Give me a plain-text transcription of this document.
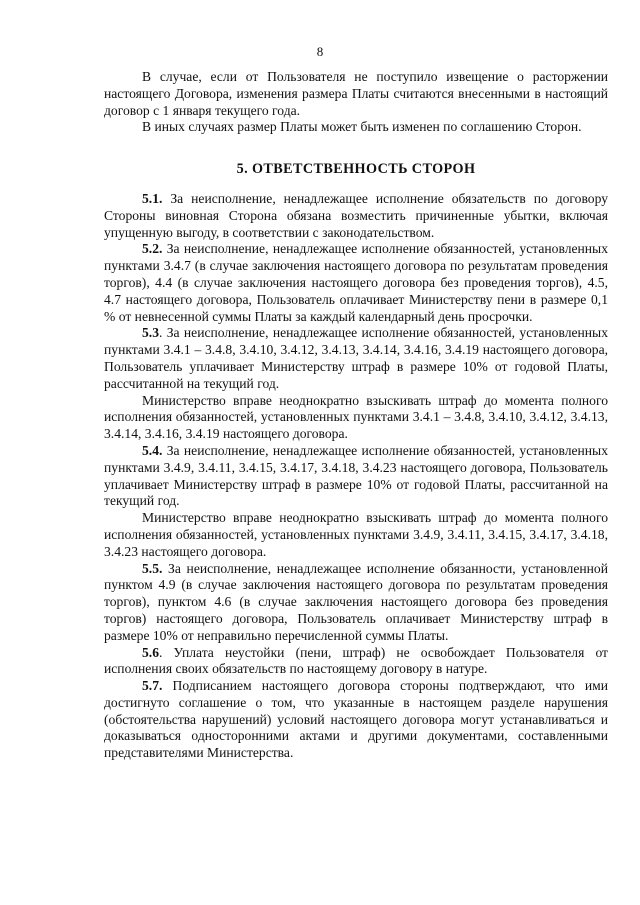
8

В случае, если от Пользователя не поступило извещение о расторжении настоящего Договора, изменения размера Платы считаются внесенными в настоящий договор с 1 января текущего года.

В иных случаях размер Платы может быть изменен по соглашению Сторон.

5. ОТВЕТСТВЕННОСТЬ СТОРОН

5.1. За неисполнение, ненадлежащее исполнение обязательств по договору Стороны виновная Сторона обязана возместить причиненные убытки, включая упущенную выгоду, в соответствии с законодательством.

5.2. За неисполнение, ненадлежащее исполнение обязанностей, установленных пунктами 3.4.7 (в случае заключения настоящего договора по результатам проведения торгов), 4.4 (в случае заключения настоящего договора без проведения торгов), 4.5, 4.7 настоящего договора, Пользователь оплачивает Министерству пени в размере 0,1 % от невнесенной суммы Платы за каждый календарный день просрочки.

5.3. За неисполнение, ненадлежащее исполнение обязанностей, установленных пунктами 3.4.1 – 3.4.8, 3.4.10, 3.4.12, 3.4.13, 3.4.14, 3.4.16, 3.4.19 настоящего договора, Пользователь уплачивает Министерству штраф в размере 10% от годовой Платы, рассчитанной на текущий год.

Министерство вправе неоднократно взыскивать штраф до момента полного исполнения обязанностей, установленных пунктами 3.4.1 – 3.4.8, 3.4.10, 3.4.12, 3.4.13, 3.4.14, 3.4.16, 3.4.19 настоящего договора.

5.4. За неисполнение, ненадлежащее исполнение обязанностей, установленных пунктами 3.4.9, 3.4.11, 3.4.15, 3.4.17, 3.4.18, 3.4.23 настоящего договора, Пользователь уплачивает Министерству штраф в размере 10% от годовой Платы, рассчитанной на текущий год.

Министерство вправе неоднократно взыскивать штраф до момента полного исполнения обязанностей, установленных пунктами 3.4.9, 3.4.11, 3.4.15, 3.4.17, 3.4.18, 3.4.23 настоящего договора.

5.5. За неисполнение, ненадлежащее исполнение обязанности, установленной пунктом 4.9 (в случае заключения настоящего договора по результатам проведения торгов), пунктом 4.6 (в случае заключения настоящего договора без проведения торгов) настоящего договора, Пользователь оплачивает Министерству штраф в размере 10% от неправильно перечисленной суммы Платы.

5.6. Уплата неустойки (пени, штраф) не освобождает Пользователя от исполнения своих обязательств по настоящему договору в натуре.

5.7. Подписанием настоящего договора стороны подтверждают, что ими достигнуто соглашение о том, что указанные в настоящем разделе нарушения (обстоятельства нарушений) условий настоящего договора могут устанавливаться и доказываться односторонними актами и другими документами, составленными представителями Министерства.
